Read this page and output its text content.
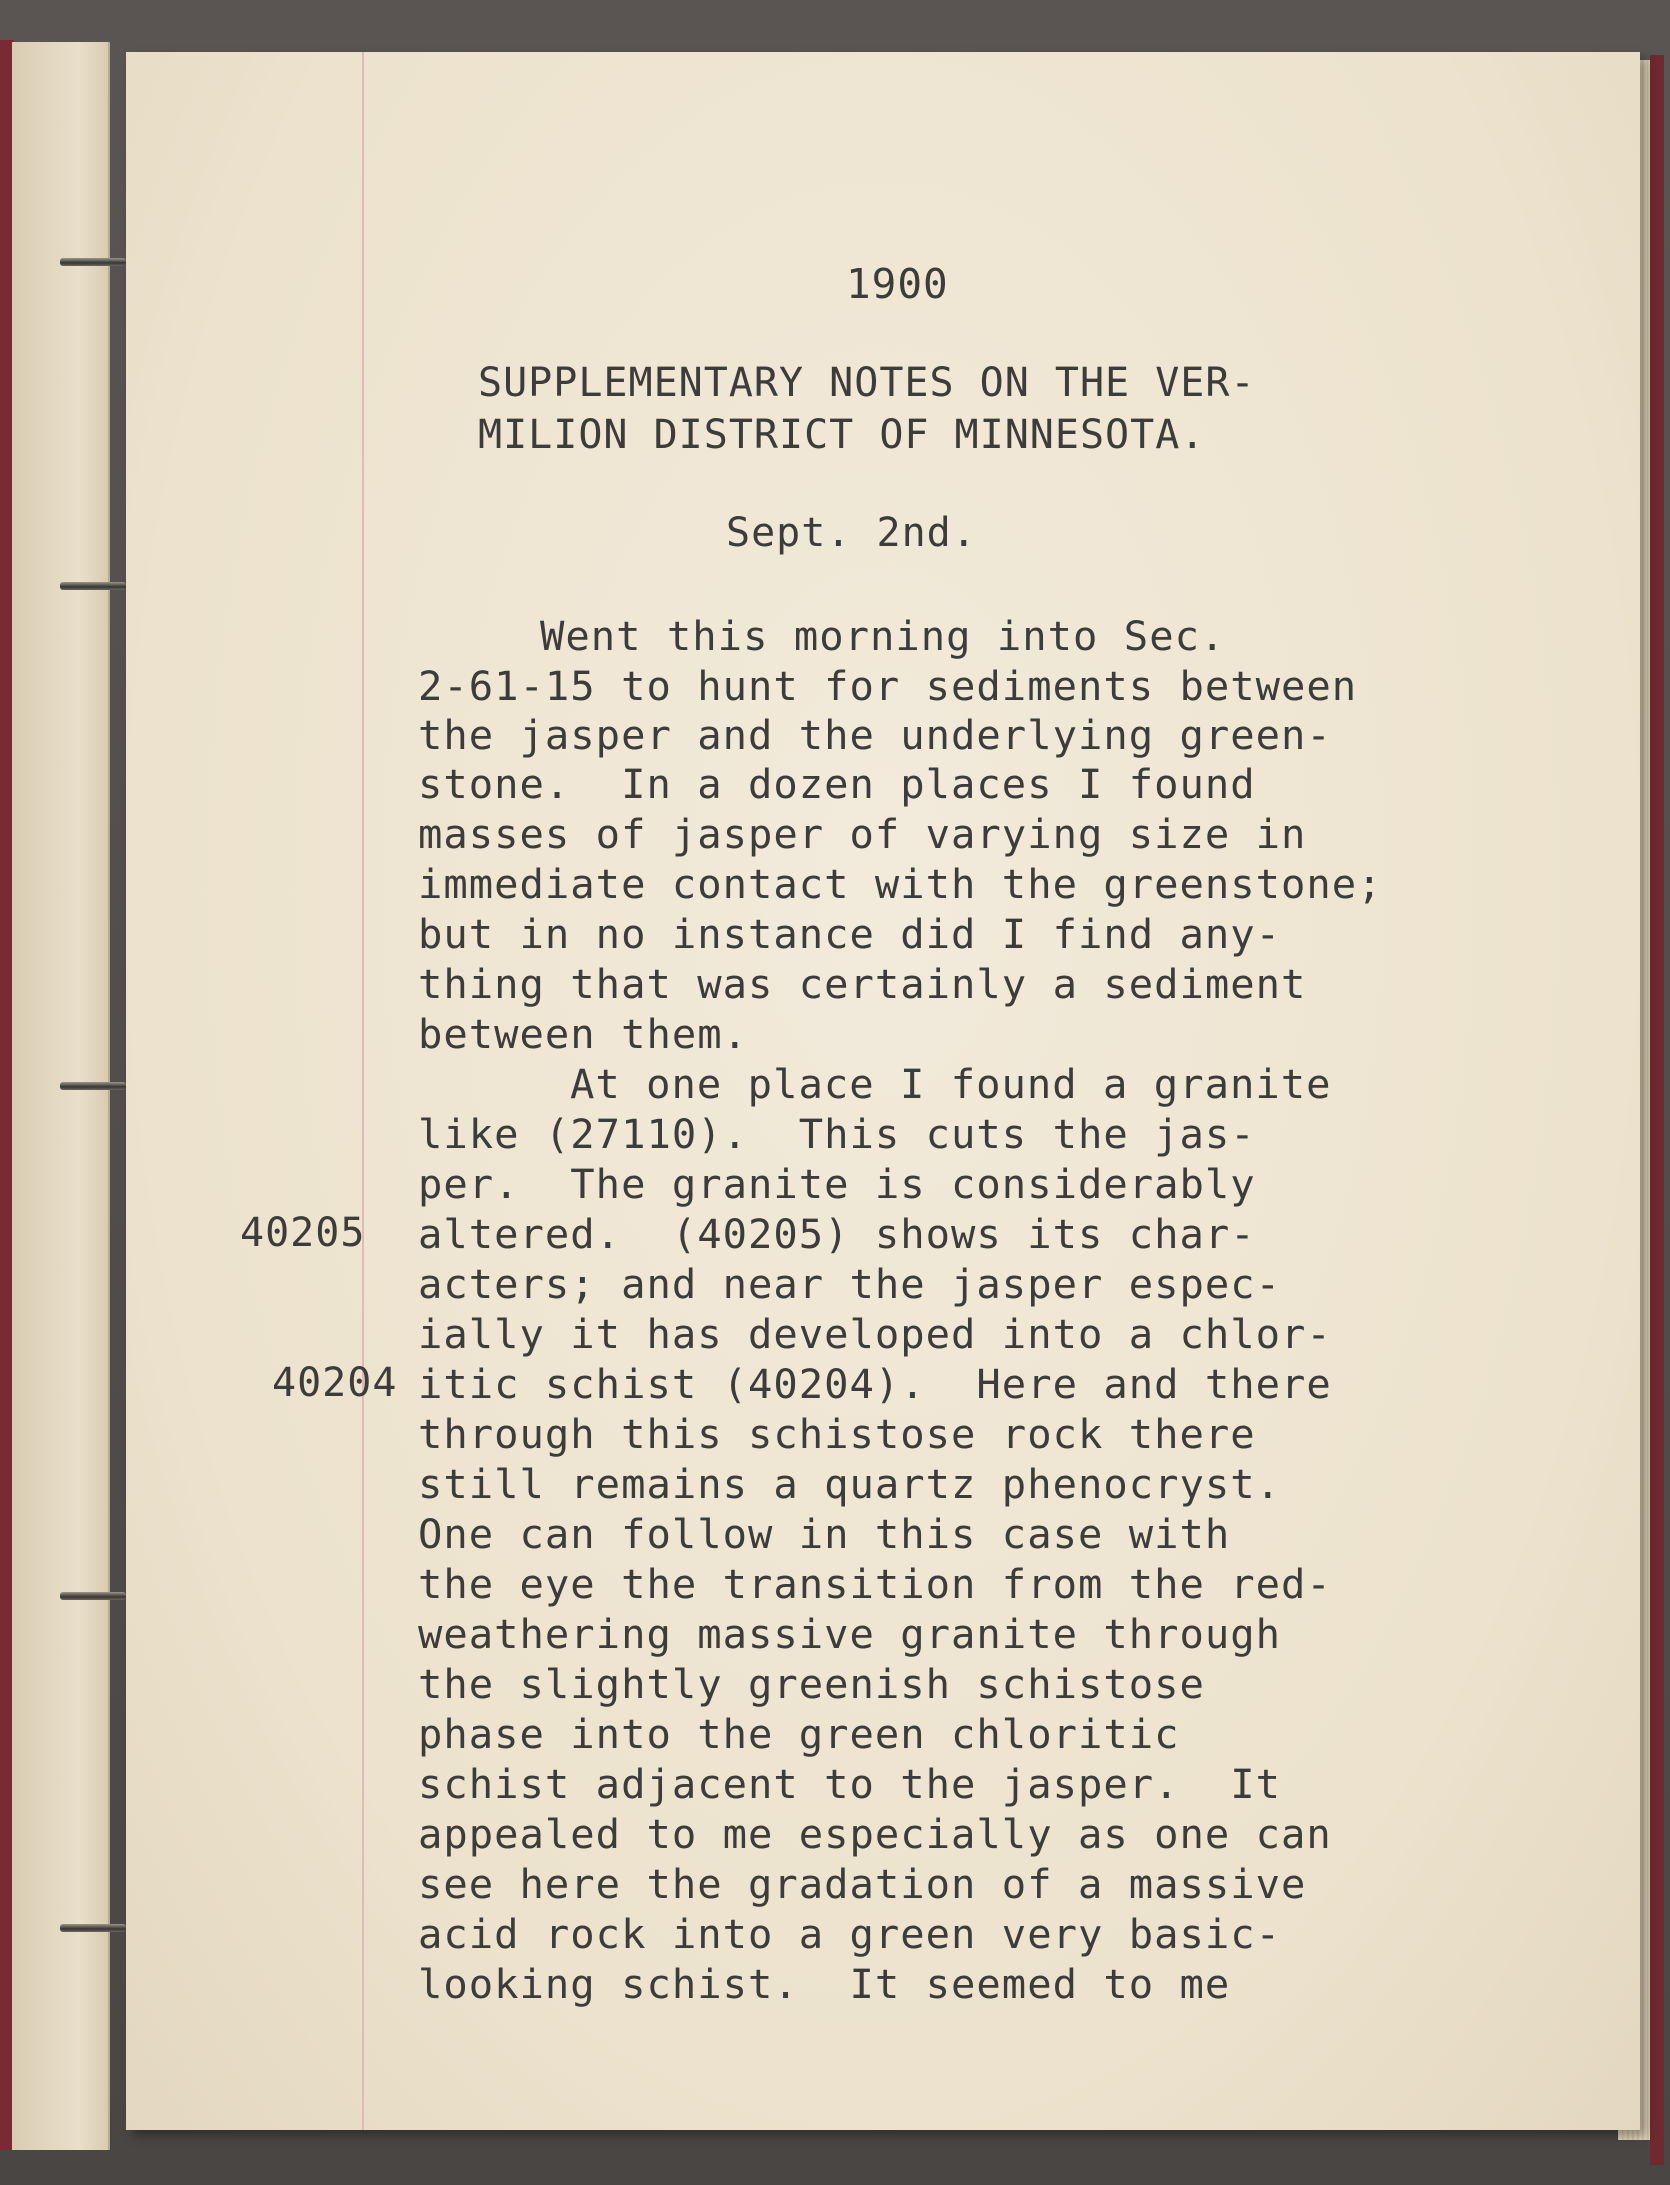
1900
SUPPLEMENTARY NOTES ON THE VER-
MILION DISTRICT OF MINNESOTA.
Sept. 2nd.
40205
40204
Went this morning into Sec.
2-61-15 to hunt for sediments between
the jasper and the underlying green-
stone.  In a dozen places I found
masses of jasper of varying size in
immediate contact with the greenstone;
but in no instance did I find any-
thing that was certainly a sediment
between them.
At one place I found a granite
like (27110).  This cuts the jas-
per.  The granite is considerably
altered.  (40205) shows its char-
acters; and near the jasper espec-
ially it has developed into a chlor-
itic schist (40204).  Here and there
through this schistose rock there
still remains a quartz phenocryst.
One can follow in this case with
the eye the transition from the red-
weathering massive granite through
the slightly greenish schistose
phase into the green chloritic
schist adjacent to the jasper.  It
appealed to me especially as one can
see here the gradation of a massive
acid rock into a green very basic-
looking schist.  It seemed to me
